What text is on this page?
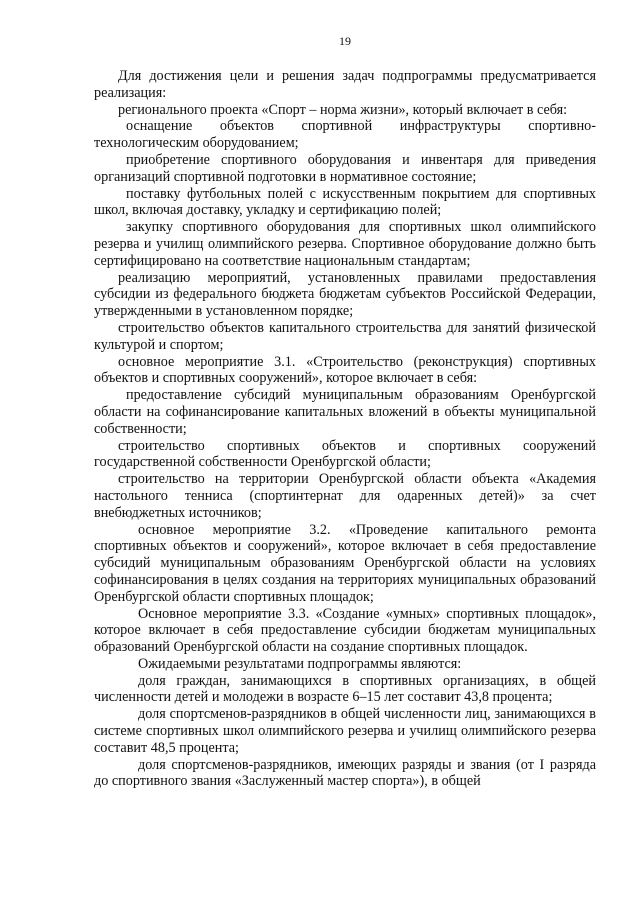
19

Для достижения цели и решения задач подпрограммы предусматривается реализация:

регионального проекта «Спорт – норма жизни», который включает в себя:

оснащение объектов спортивной инфраструктуры спортивно-технологическим оборудованием;

приобретение спортивного оборудования и инвентаря для приведения организаций спортивной подготовки в нормативное состояние;

поставку футбольных полей с искусственным покрытием для спортивных школ, включая доставку, укладку и сертификацию полей;

закупку спортивного оборудования для спортивных школ олимпийского резерва и училищ олимпийского резерва. Спортивное оборудование должно быть сертифицировано на соответствие национальным стандартам;

реализацию мероприятий, установленных правилами предоставления субсидии из федерального бюджета бюджетам субъектов Российской Федерации, утвержденными в установленном порядке;

строительство объектов капитального строительства для занятий физической культурой и спортом;

основное мероприятие 3.1. «Строительство (реконструкция) спортивных объектов и спортивных сооружений», которое включает в себя:

предоставление субсидий муниципальным образованиям Оренбургской области на софинансирование капитальных вложений в объекты муниципальной собственности;

строительство спортивных объектов и спортивных сооружений государственной собственности Оренбургской области;

строительство на территории Оренбургской области объекта «Академия настольного тенниса (спортинтернат для одаренных детей)» за счет внебюджетных источников;

основное мероприятие 3.2. «Проведение капитального ремонта спортивных объектов и сооружений», которое включает в себя предоставление субсидий муниципальным образованиям Оренбургской области на условиях софинансирования в целях создания на территориях муниципальных образований Оренбургской области спортивных площадок;

Основное мероприятие 3.3. «Создание «умных» спортивных площадок», которое включает в себя предоставление субсидии бюджетам муниципальных образований Оренбургской области на создание спортивных площадок.

Ожидаемыми результатами подпрограммы являются:

доля граждан, занимающихся в спортивных организациях, в общей численности детей и молодежи в возрасте 6–15 лет составит 43,8 процента;

доля спортсменов-разрядников в общей численности лиц, занимающихся в системе спортивных школ олимпийского резерва и училищ олимпийского резерва составит 48,5 процента;

доля спортсменов-разрядников, имеющих разряды и звания (от I разряда до спортивного звания «Заслуженный мастер спорта»), в общей
